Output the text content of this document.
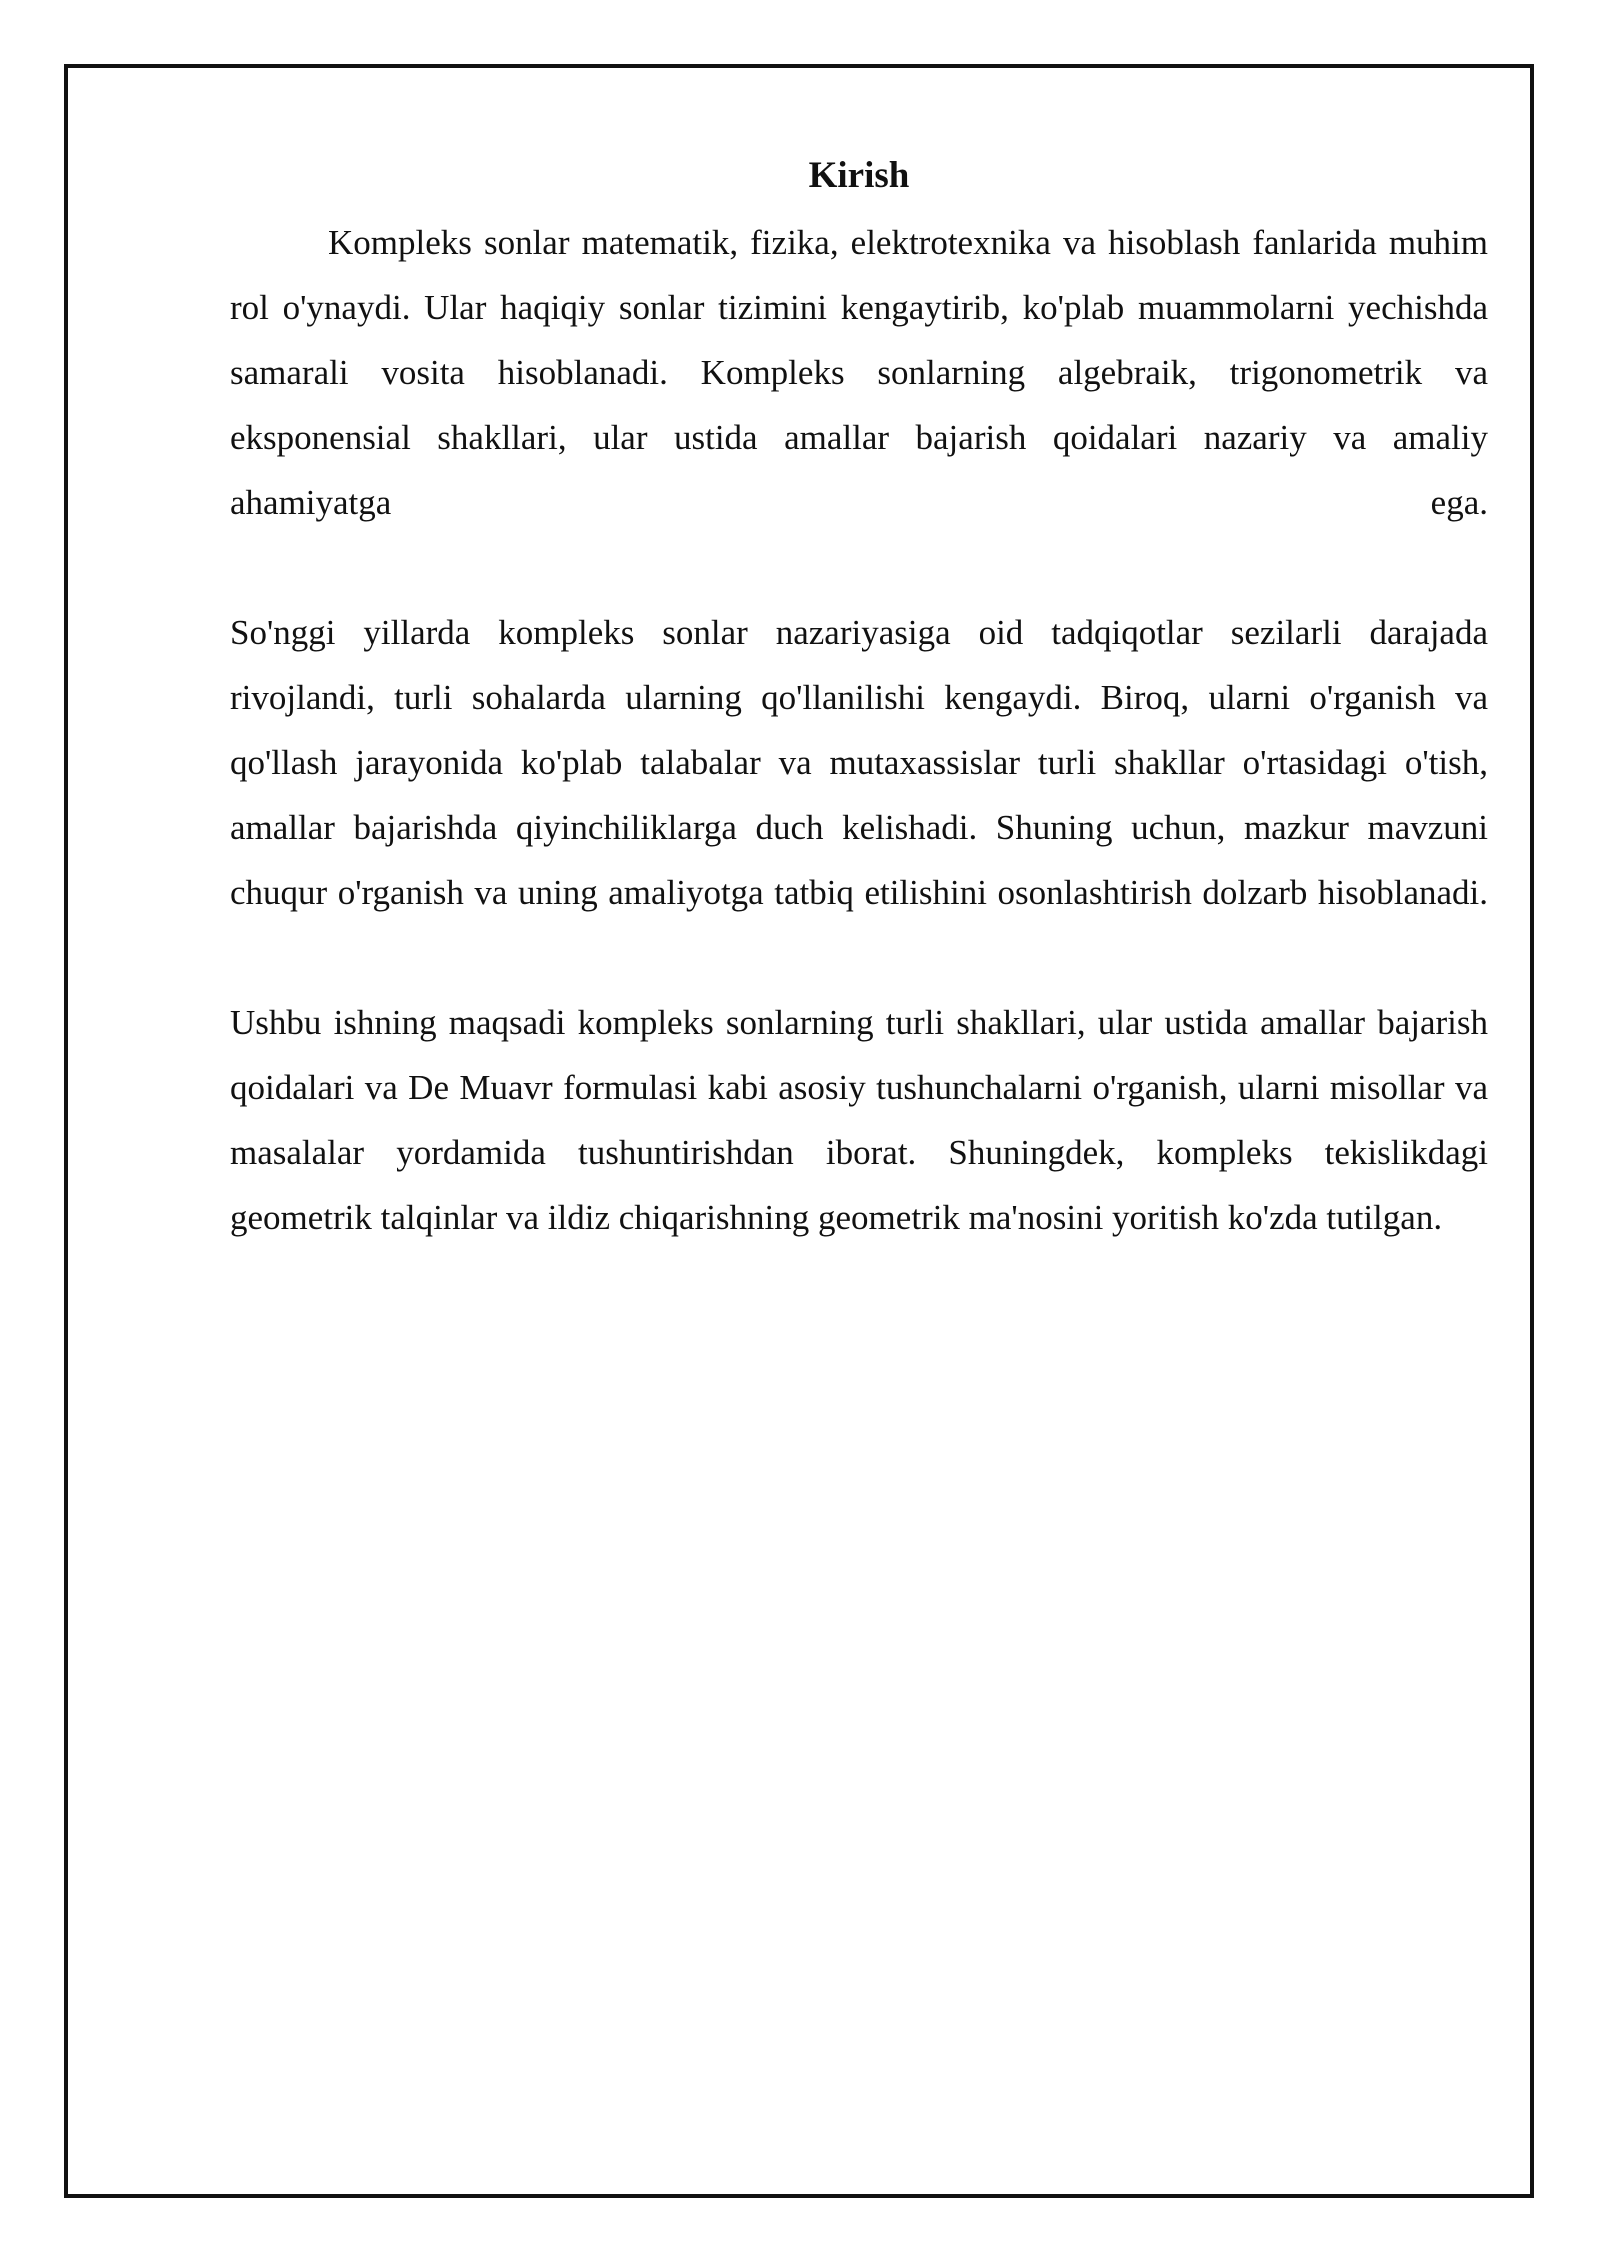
Kirish

Kompleks sonlar matematik, fizika, elektrotexnika va hisoblash fanlarida muhim rol o'ynaydi. Ular haqiqiy sonlar tizimini kengaytirib, ko'plab muammolarni yechishda samarali vosita hisoblanadi. Kompleks sonlarning algebraik, trigonometrik va eksponensial shakllari, ular ustida amallar bajarish qoidalari nazariy va amaliy ahamiyatga ega.

So'nggi yillarda kompleks sonlar nazariyasiga oid tadqiqotlar sezilarli darajada rivojlandi, turli sohalarda ularning qo'llanilishi kengaydi. Biroq, ularni o'rganish va qo'llash jarayonida ko'plab talabalar va mutaxassislar turli shakllar o'rtasidagi o'tish, amallar bajarishda qiyinchiliklarga duch kelishadi. Shuning uchun, mazkur mavzuni chuqur o'rganish va uning amaliyotga tatbiq etilishini osonlashtirish dolzarb hisoblanadi.

Ushbu ishning maqsadi kompleks sonlarning turli shakllari, ular ustida amallar bajarish qoidalari va De Muavr formulasi kabi asosiy tushunchalarni o'rganish, ularni misollar va masalalar yordamida tushuntirishdan iborat. Shuningdek, kompleks tekislikdagi geometrik talqinlar va ildiz chiqarishning geometrik ma'nosini yoritish ko'zda tutilgan.
